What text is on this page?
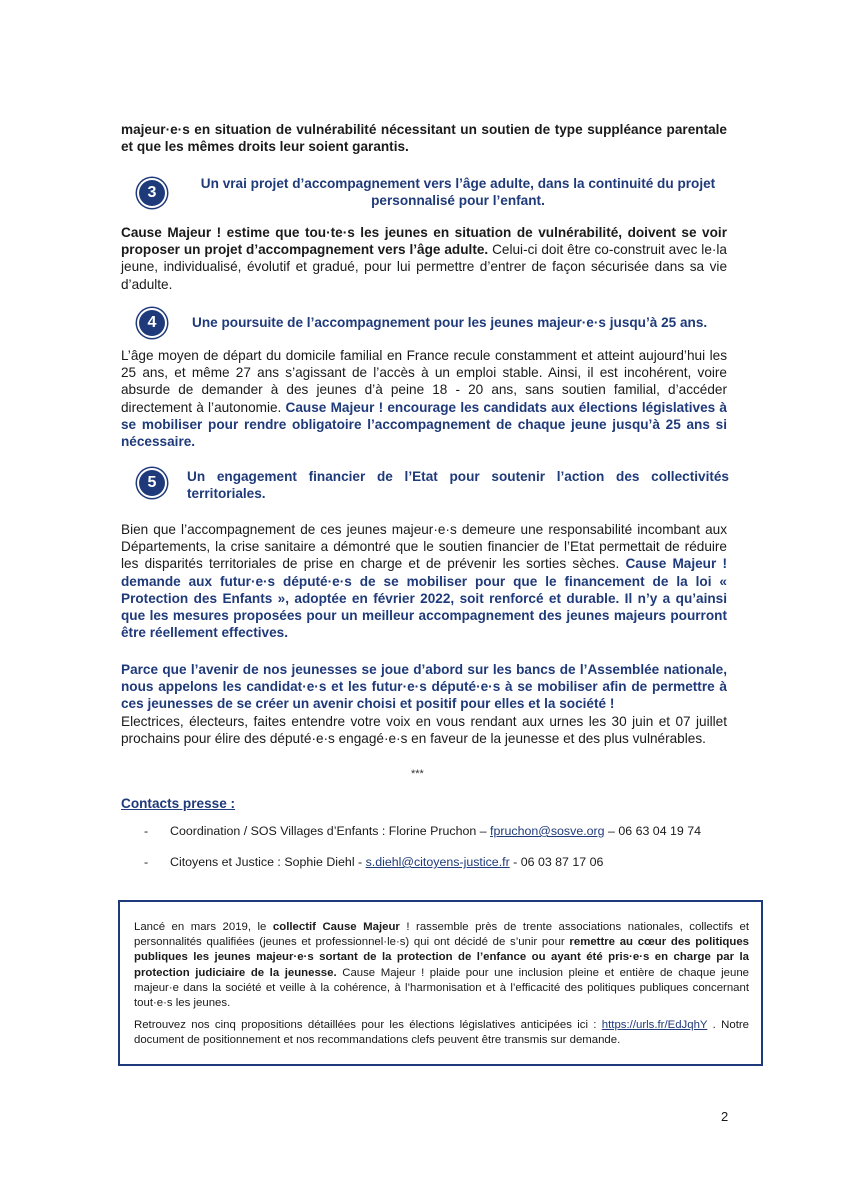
majeur·e·s en situation de vulnérabilité nécessitant un soutien de type suppléance parentale et que les mêmes droits leur soient garantis.

3

Un vrai projet d’accompagnement vers l’âge adulte, dans la continuité du projet personnalisé pour l’enfant.

Cause Majeur ! estime que tou·te·s les jeunes en situation de vulnérabilité, doivent se voir proposer un projet d’accompagnement vers l’âge adulte. Celui-ci doit être co-construit avec le·la jeune, individualisé, évolutif et gradué, pour lui permettre d’entrer de façon sécurisée dans sa vie d’adulte.

4	Une poursuite de l’accompagnement pour les jeunes majeur·e·s jusqu’à 25 ans.

L’âge moyen de départ du domicile familial en France recule constamment et atteint aujourd’hui les 25 ans, et même 27 ans s’agissant de l’accès à un emploi stable. Ainsi, il est incohérent, voire absurde de demander à des jeunes d’à peine 18 - 20 ans, sans soutien familial, d’accéder directement à l’autonomie. Cause Majeur ! encourage les candidats aux élections législatives à se mobiliser pour rendre obligatoire l’accompagnement de chaque jeune jusqu’à 25 ans si nécessaire.

5	Un engagement financier de l’Etat pour soutenir l’action des collectivités territoriales.

Bien que l’accompagnement de ces jeunes majeur·e·s demeure une responsabilité incombant aux Départements, la crise sanitaire a démontré que le soutien financier de l’Etat permettait de réduire les disparités territoriales de prise en charge et de prévenir les sorties sèches. Cause Majeur ! demande aux futur·e·s député·e·s de se mobiliser pour que le financement de la loi « Protection des Enfants », adoptée en février 2022, soit renforcé et durable. Il n’y a qu’ainsi que les mesures proposées pour un meilleur accompagnement des jeunes majeurs pourront être réellement effectives.

Parce que l’avenir de nos jeunesses se joue d’abord sur les bancs de l’Assemblée nationale, nous appelons les candidat·e·s et les futur·e·s député·e·s à se mobiliser afin de permettre à ces jeunesses de se créer un avenir choisi et positif pour elles et la société !
Electrices, électeurs, faites entendre votre voix en vous rendant aux urnes les 30 juin et 07 juillet prochains pour élire des député·e·s engagé·e·s en faveur de la jeunesse et des plus vulnérables.

***

Contacts presse :

- Coordination / SOS Villages d’Enfants : Florine Pruchon – fpruchon@sosve.org – 06 63 04 19 74
- Citoyens et Justice : Sophie Diehl - s.diehl@citoyens-justice.fr - 06 03 87 17 06

Lancé en mars 2019, le collectif Cause Majeur ! rassemble près de trente associations nationales, collectifs et personnalités qualifiées (jeunes et professionnel·le·s) qui ont décidé de s’unir pour remettre au cœur des politiques publiques les jeunes majeur·e·s sortant de la protection de l’enfance ou ayant été pris·e·s en charge par la protection judiciaire de la jeunesse. Cause Majeur ! plaide pour une inclusion pleine et entière de chaque jeune majeur·e dans la société et veille à la cohérence, à l’harmonisation et à l’efficacité des politiques publiques concernant tout·e·s les jeunes.

Retrouvez nos cinq propositions détaillées pour les élections législatives anticipées ici : https://urls.fr/EdJqhY . Notre document de positionnement et nos recommandations clefs peuvent être transmis sur demande.

2
